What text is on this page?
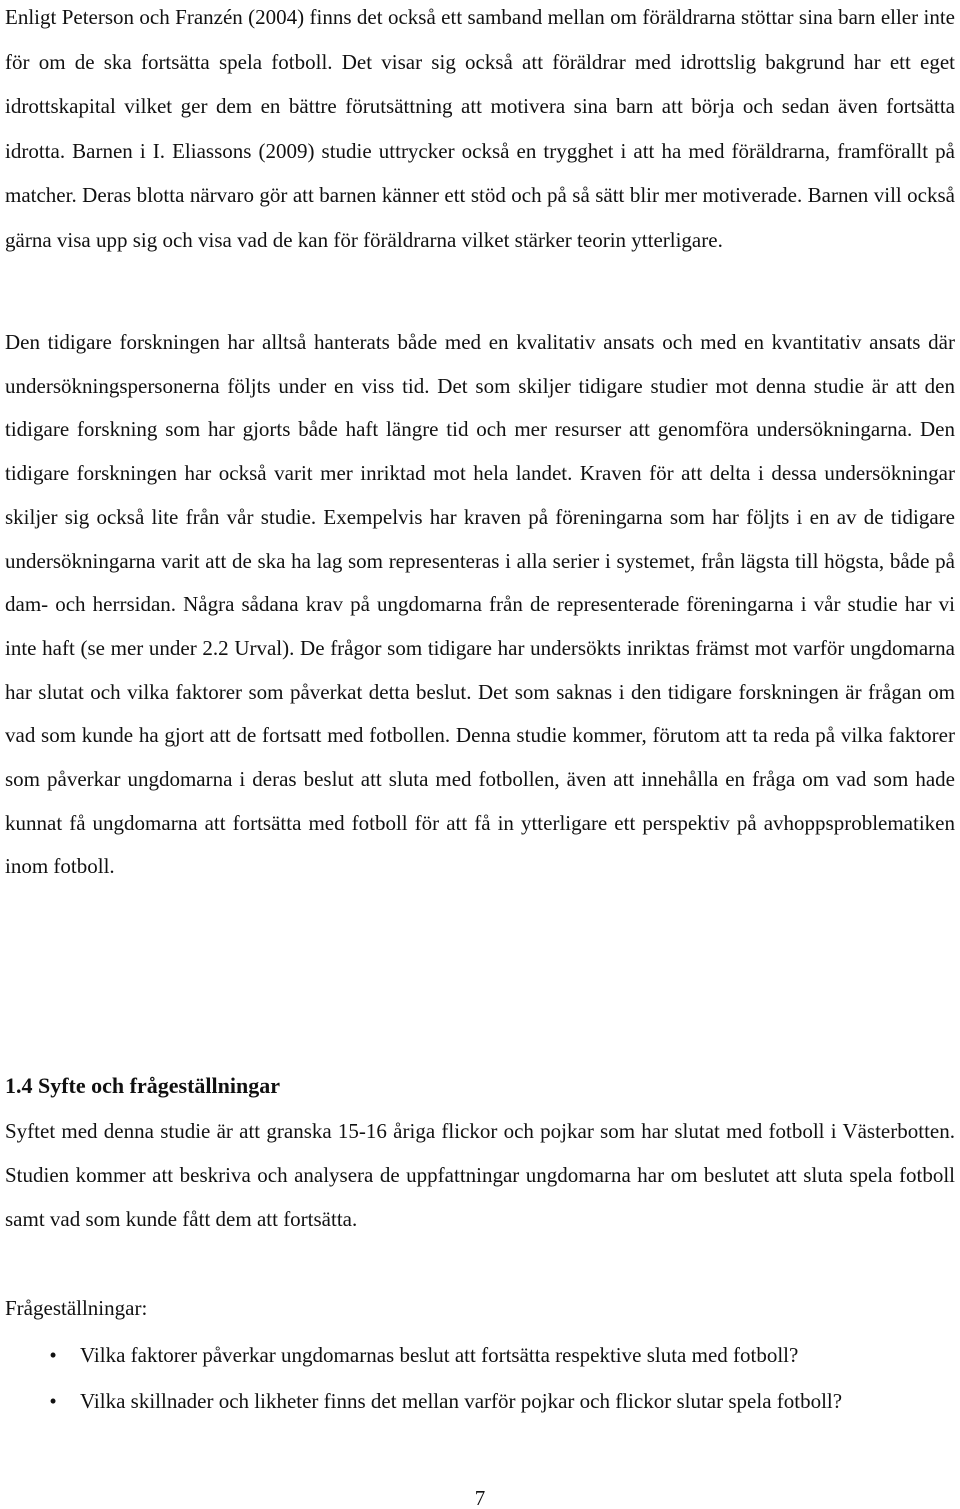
Enligt Peterson och Franzén (2004) finns det också ett samband mellan om föräldrarna stöttar sina barn eller inte för om de ska fortsätta spela fotboll. Det visar sig också att föräldrar med idrottslig bakgrund har ett eget idrottskapital vilket ger dem en bättre förutsättning att motivera sina barn att börja och sedan även fortsätta idrotta. Barnen i I. Eliassons (2009) studie uttrycker också en trygghet i att ha med föräldrarna, framförallt på matcher. Deras blotta närvaro gör att barnen känner ett stöd och på så sätt blir mer motiverade. Barnen vill också gärna visa upp sig och visa vad de kan för föräldrarna vilket stärker teorin ytterligare.

Den tidigare forskningen har alltså hanterats både med en kvalitativ ansats och med en kvantitativ ansats där undersökningspersonerna följts under en viss tid. Det som skiljer tidigare studier mot denna studie är att den tidigare forskning som har gjorts både haft längre tid och mer resurser att genomföra undersökningarna. Den tidigare forskningen har också varit mer inriktad mot hela landet. Kraven för att delta i dessa undersökningar skiljer sig också lite från vår studie. Exempelvis har kraven på föreningarna som har följts i en av de tidigare undersökningarna varit att de ska ha lag som representeras i alla serier i systemet, från lägsta till högsta, både på dam- och herrsidan. Några sådana krav på ungdomarna från de representerade föreningarna i vår studie har vi inte haft (se mer under 2.2 Urval). De frågor som tidigare har undersökts inriktas främst mot varför ungdomarna har slutat och vilka faktorer som påverkat detta beslut. Det som saknas i den tidigare forskningen är frågan om vad som kunde ha gjort att de fortsatt med fotbollen. Denna studie kommer, förutom att ta reda på vilka faktorer som påverkar ungdomarna i deras beslut att sluta med fotbollen, även att innehålla en fråga om vad som hade kunnat få ungdomarna att fortsätta med fotboll för att få in ytterligare ett perspektiv på avhoppsproblematiken inom fotboll.

1.4 Syfte och frågeställningar

Syftet med denna studie är att granska 15-16 åriga flickor och pojkar som har slutat med fotboll i Västerbotten. Studien kommer att beskriva och analysera de uppfattningar ungdomarna har om beslutet att sluta spela fotboll samt vad som kunde fått dem att fortsätta.

Frågeställningar:

•	Vilka faktorer påverkar ungdomarnas beslut att fortsätta respektive sluta med fotboll?
•	Vilka skillnader och likheter finns det mellan varför pojkar och flickor slutar spela fotboll?
7
